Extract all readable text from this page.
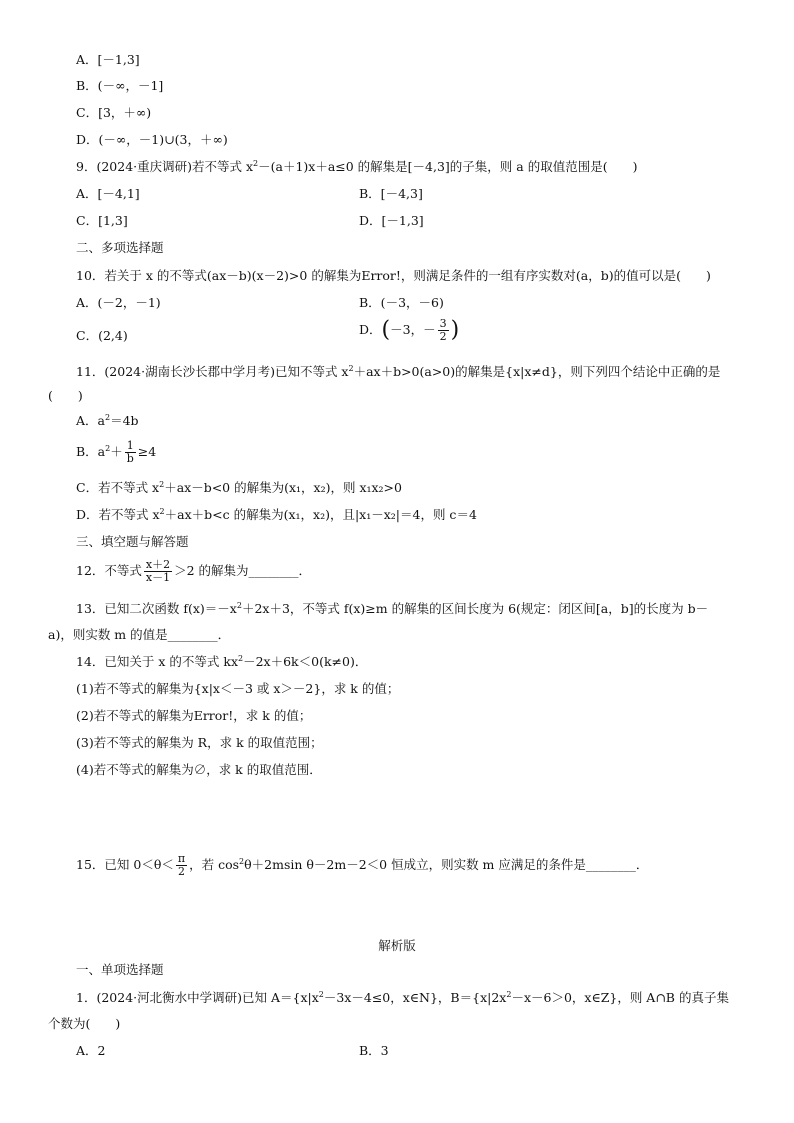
A．[－1,3]
B．(－∞，－1]
C．[3，＋∞)
D．(－∞，－1)∪(3，＋∞)
9．(2024·重庆调研)若不等式 $x^2-(a+1)x+a\le 0$ 的解集是[－4,3]的子集，则 a 的取值范围是(　　)
A．[－4,1]	B．[－4,3]
C．[1,3]	D．[－1,3]
二、多项选择题
10．若关于 x 的不等式(ax－b)(x－2)>0 的解集为Error!，则满足条件的一组有序实数对(a，b)的值可以是(　　)
A．(－2，－1)	B．(－3，－6)
C．(2,4)	D．(－3，－ $\frac{3}{2}$ )
11．(2024·湖南长沙长郡中学月考)已知不等式 $x^2+ax+b>0(a>0)$的解集是{x|x≠d}，则下列四个结论中正确的是
(　　)
A．$a^2=4b$
B．$a^2+ \frac{1}{b} \ge 4$
C．若不等式 $x^2+ax-b<0$ 的解集为(x₁，x₂)，则 x₁x₂>0
D．若不等式 $x^2+ax+b<c$ 的解集为(x₁，x₂)，且|x₁－x₂|＝4，则 c＝4
三、填空题与解答题
12．不等式 $\frac{x+2}{x-1} >2$ 的解集为________．
13．已知二次函数 $f(x)=-x^2+2x+3$，不等式 f(x)≥m 的解集的区间长度为 6(规定：闭区间[a，b]的长度为 b－
a)，则实数 m 的值是________．
14．已知关于 x 的不等式 $kx^2-2x+6k<0(k\ne 0)$．
(1)若不等式的解集为{x|x＜－3 或 x＞－2}，求 k 的值；
(2)若不等式的解集为Error!，求 k 的值；
(3)若不等式的解集为 R，求 k 的取值范围；
(4)若不等式的解集为∅，求 k 的取值范围．
15．已知 $0<\theta< \frac{\pi}{2}$ ，若 $\cos^2\theta+2msin$ θ－2m－2＜0 恒成立，则实数 m 应满足的条件是________．
解析版
一、单项选择题
1．(2024·河北衡水中学调研)已知 $A=\{x|x^2-3x-4\le 0$，x∈N}，$B=\{x|2x^2-x-6>0$，x∈Z}，则 A∩B 的真子集
个数为(　　)
A．2	B．3
